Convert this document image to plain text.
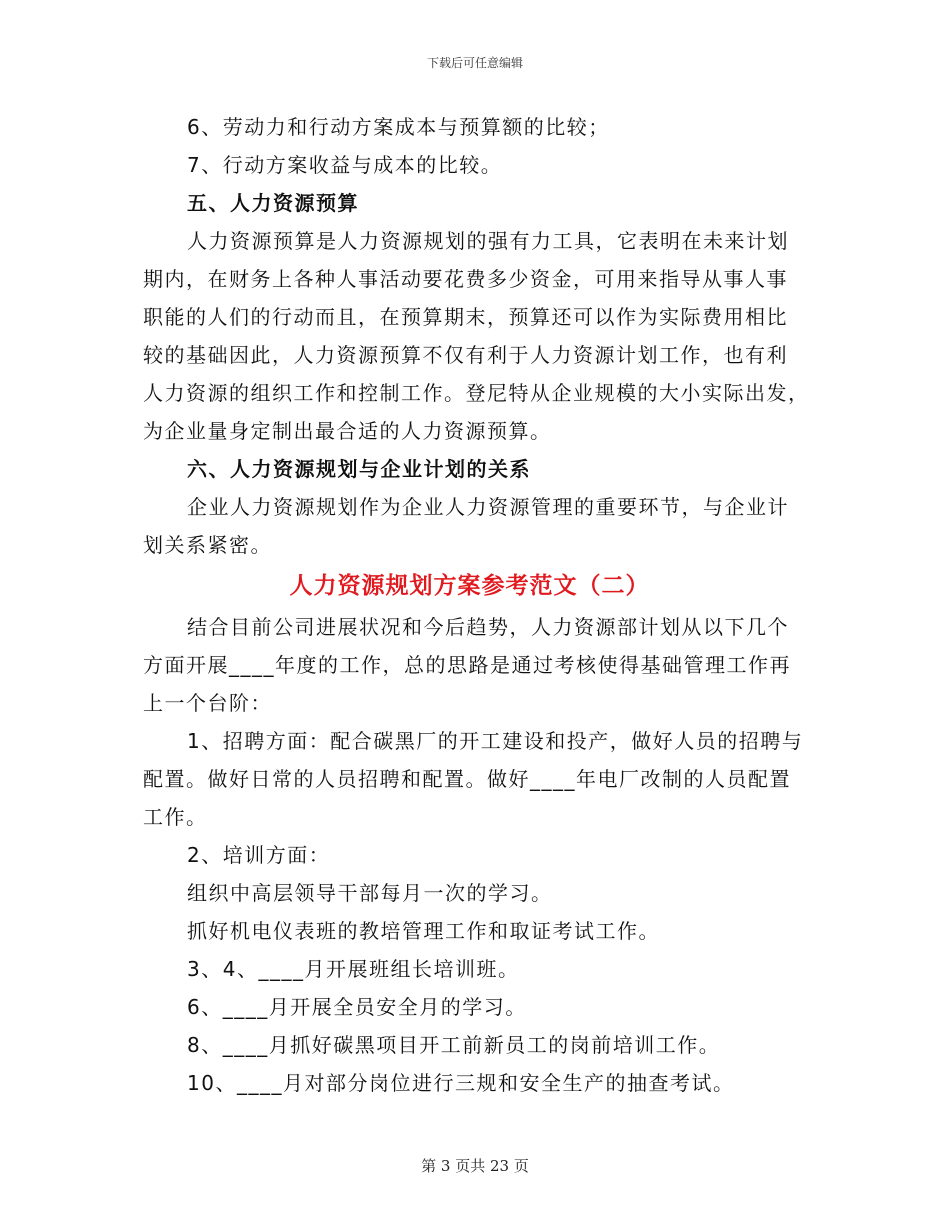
下载后可任意编辑
6、劳动力和行动方案成本与预算额的比较；
7、行动方案收益与成本的比较。
五、人力资源预算
人力资源预算是人力资源规划的强有力工具，它表明在未来计划
期内，在财务上各种人事活动要花费多少资金，可用来指导从事人事
职能的人们的行动而且，在预算期末，预算还可以作为实际费用相比
较的基础因此，人力资源预算不仅有利于人力资源计划工作，也有利
人力资源的组织工作和控制工作。登尼特从企业规模的大小实际出发，
为企业量身定制出最合适的人力资源预算。
六、人力资源规划与企业计划的关系
企业人力资源规划作为企业人力资源管理的重要环节，与企业计
划关系紧密。
人力资源规划方案参考范文（二）
结合目前公司进展状况和今后趋势，人力资源部计划从以下几个
方面开展____年度的工作，总的思路是通过考核使得基础管理工作再
上一个台阶：
1、招聘方面：配合碳黑厂的开工建设和投产，做好人员的招聘与
配置。做好日常的人员招聘和配置。做好____年电厂改制的人员配置
工作。
2、培训方面：
组织中高层领导干部每月一次的学习。
抓好机电仪表班的教培管理工作和取证考试工作。
3、4、____月开展班组长培训班。
6、____月开展全员安全月的学习。
8、____月抓好碳黑项目开工前新员工的岗前培训工作。
10、____月对部分岗位进行三规和安全生产的抽查考试。
第 3 页共 23 页
